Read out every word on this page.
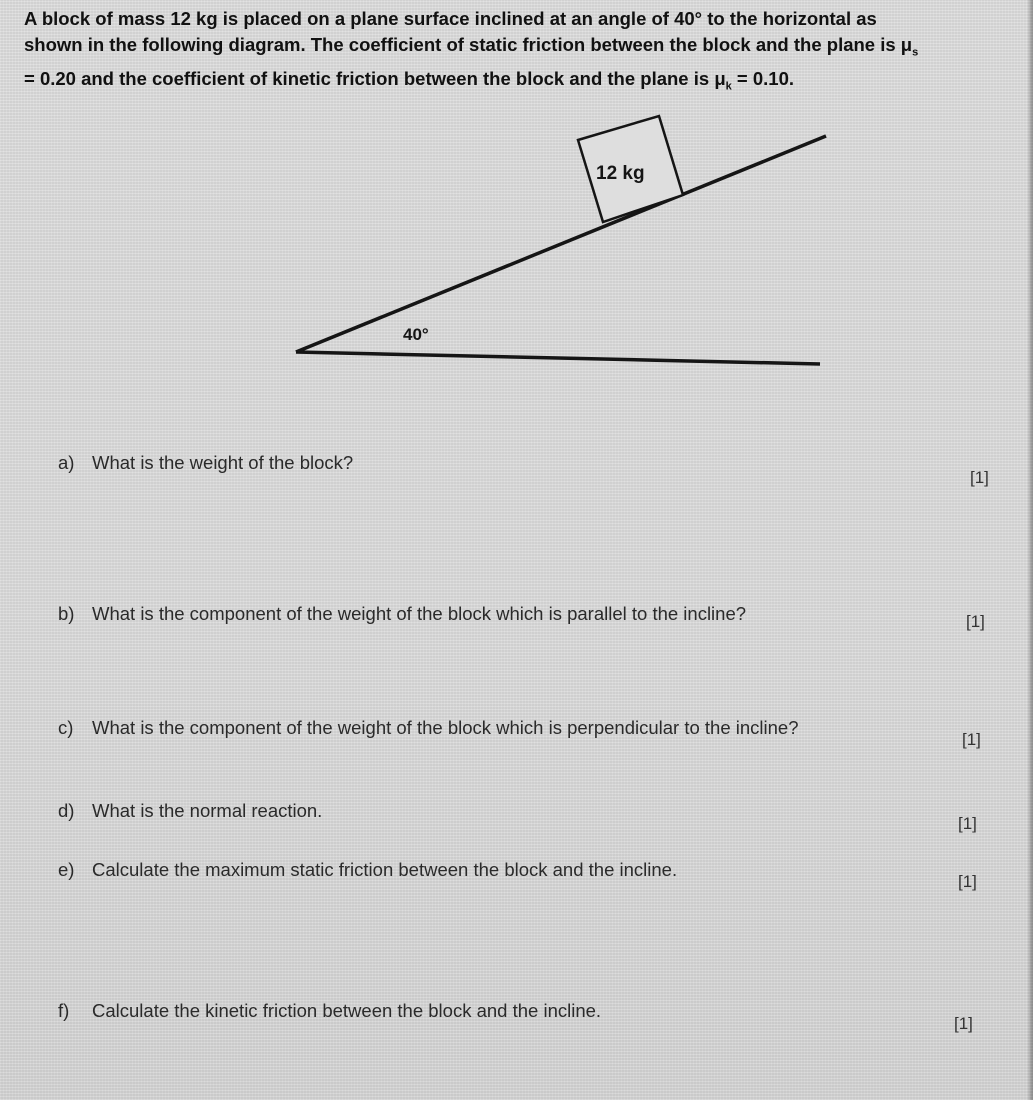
A block of mass 12 kg is placed on a plane surface inclined at an angle of 40° to the horizontal as

shown in the following diagram. The coefficient of static friction between the block and the plane is $\mu_s$

= 0.20 and the coefficient of kinetic friction between the block and the plane is $\mu_k = 0.10$.

12 kg
40°
a) What is the weight of the block?
[1]
b) What is the component of the weight of the block which is parallel to the incline?	[1]
c) What is the component of the weight of the block which is perpendicular to the incline?
[1]
d) What is the normal reaction.
[1]
e) Calculate the maximum static friction between the block and the incline.
[1]
f) Calculate the kinetic friction between the block and the incline.
[1]
